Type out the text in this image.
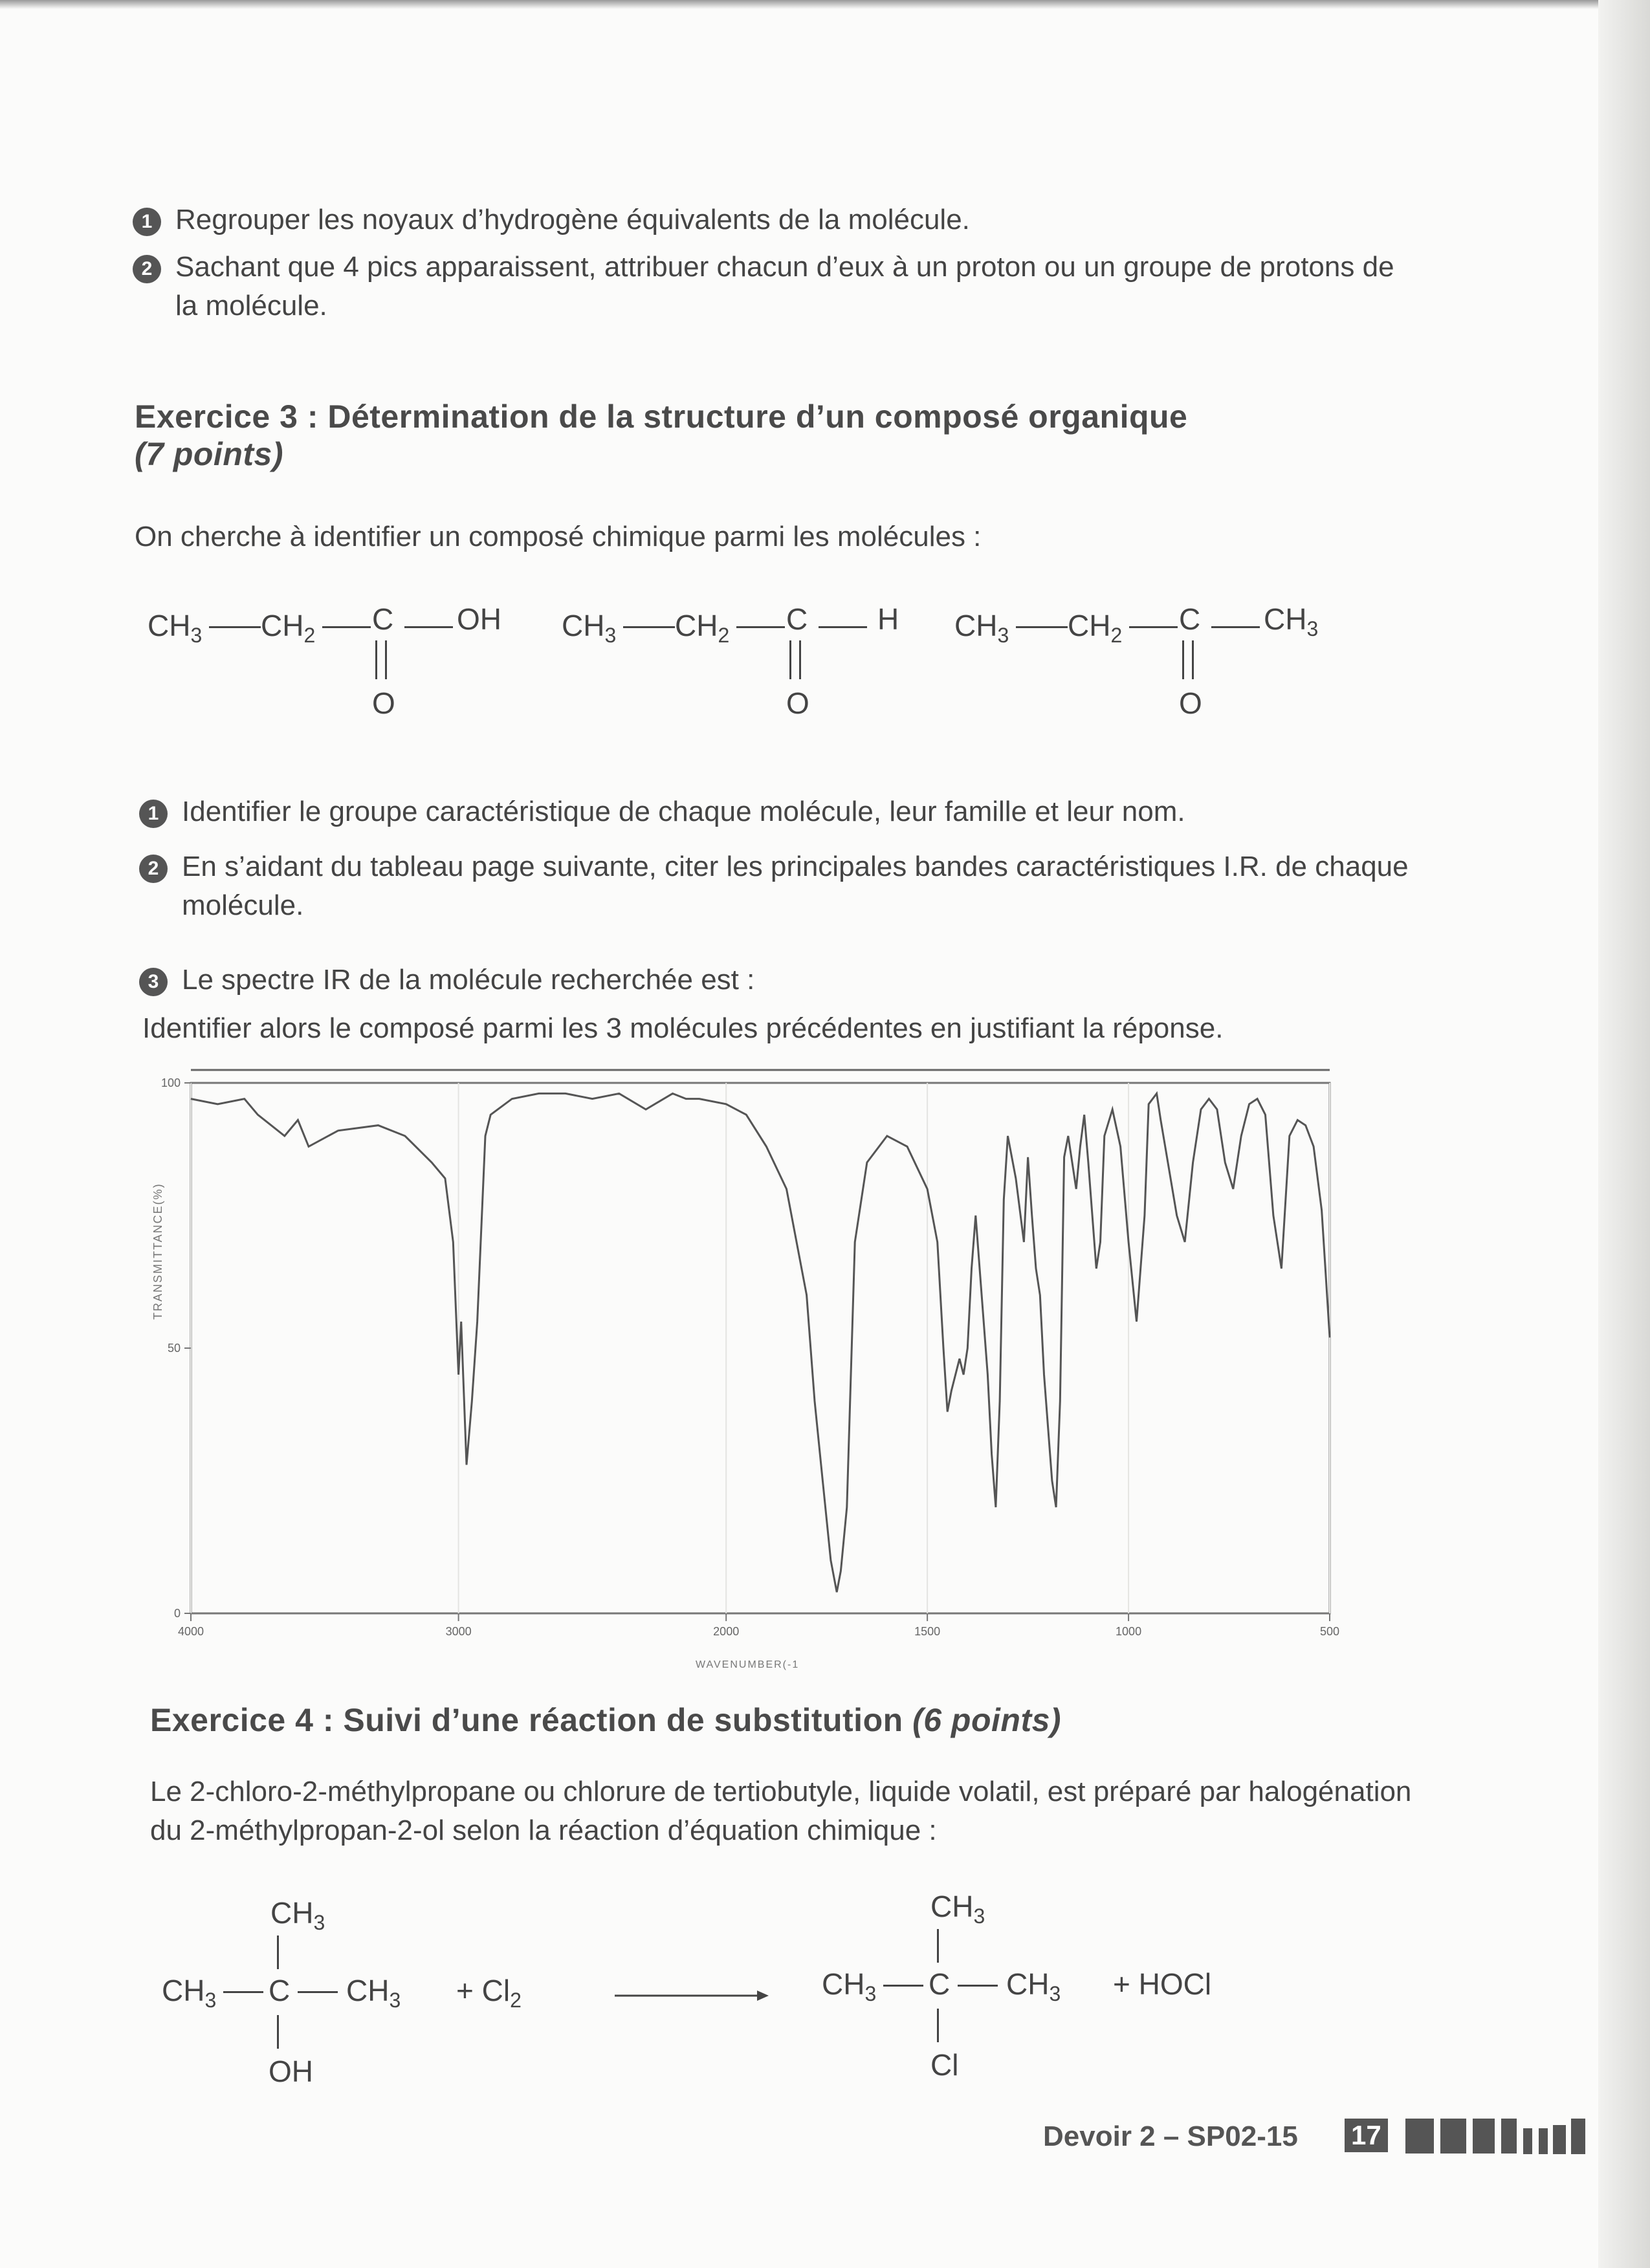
1 Regrouper les noyaux d’hydrogène équivalents de la molécule.
2 Sachant que 4 pics apparaissent, attribuer chacun d’eux à un proton ou un groupe de protons de
la molécule.
Exercice 3 : Détermination de la structure d’un composé organique
(7 points)
On cherche à identifier un composé chimique parmi les molécules :
$CH_3$ $CH_2$ C OH
O
$CH_3$ $CH_2$ C H
O
$CH_3$ $CH_2$ C $CH_3$
O
1 Identifier le groupe caractéristique de chaque molécule, leur famille et leur nom.
2 En s’aidant du tableau page suivante, citer les principales bandes caractéristiques I.R. de chaque
molécule.
3 Le spectre IR de la molécule recherchée est :
Identifier alors le composé parmi les 3 molécules précédentes en justifiant la réponse.
100
50
0
4000	3000	2000	1500	1000	500
TRANSMITTANCE(%)
WAVENUMBER(-1
Exercice 4 : Suivi d’une réaction de substitution (6 points)
Le 2-chloro-2-méthylpropane ou chlorure de tertiobutyle, liquide volatil, est préparé par halogénation
du 2-méthylpropan-2-ol selon la réaction d’équation chimique :
$CH_3$
$CH_3$ C $CH_3$
OH
+ $Cl_2$
$CH_3$
$CH_3$ C $CH_3$
Cl
+ HOCl
Devoir 2 – SP02-15 17
